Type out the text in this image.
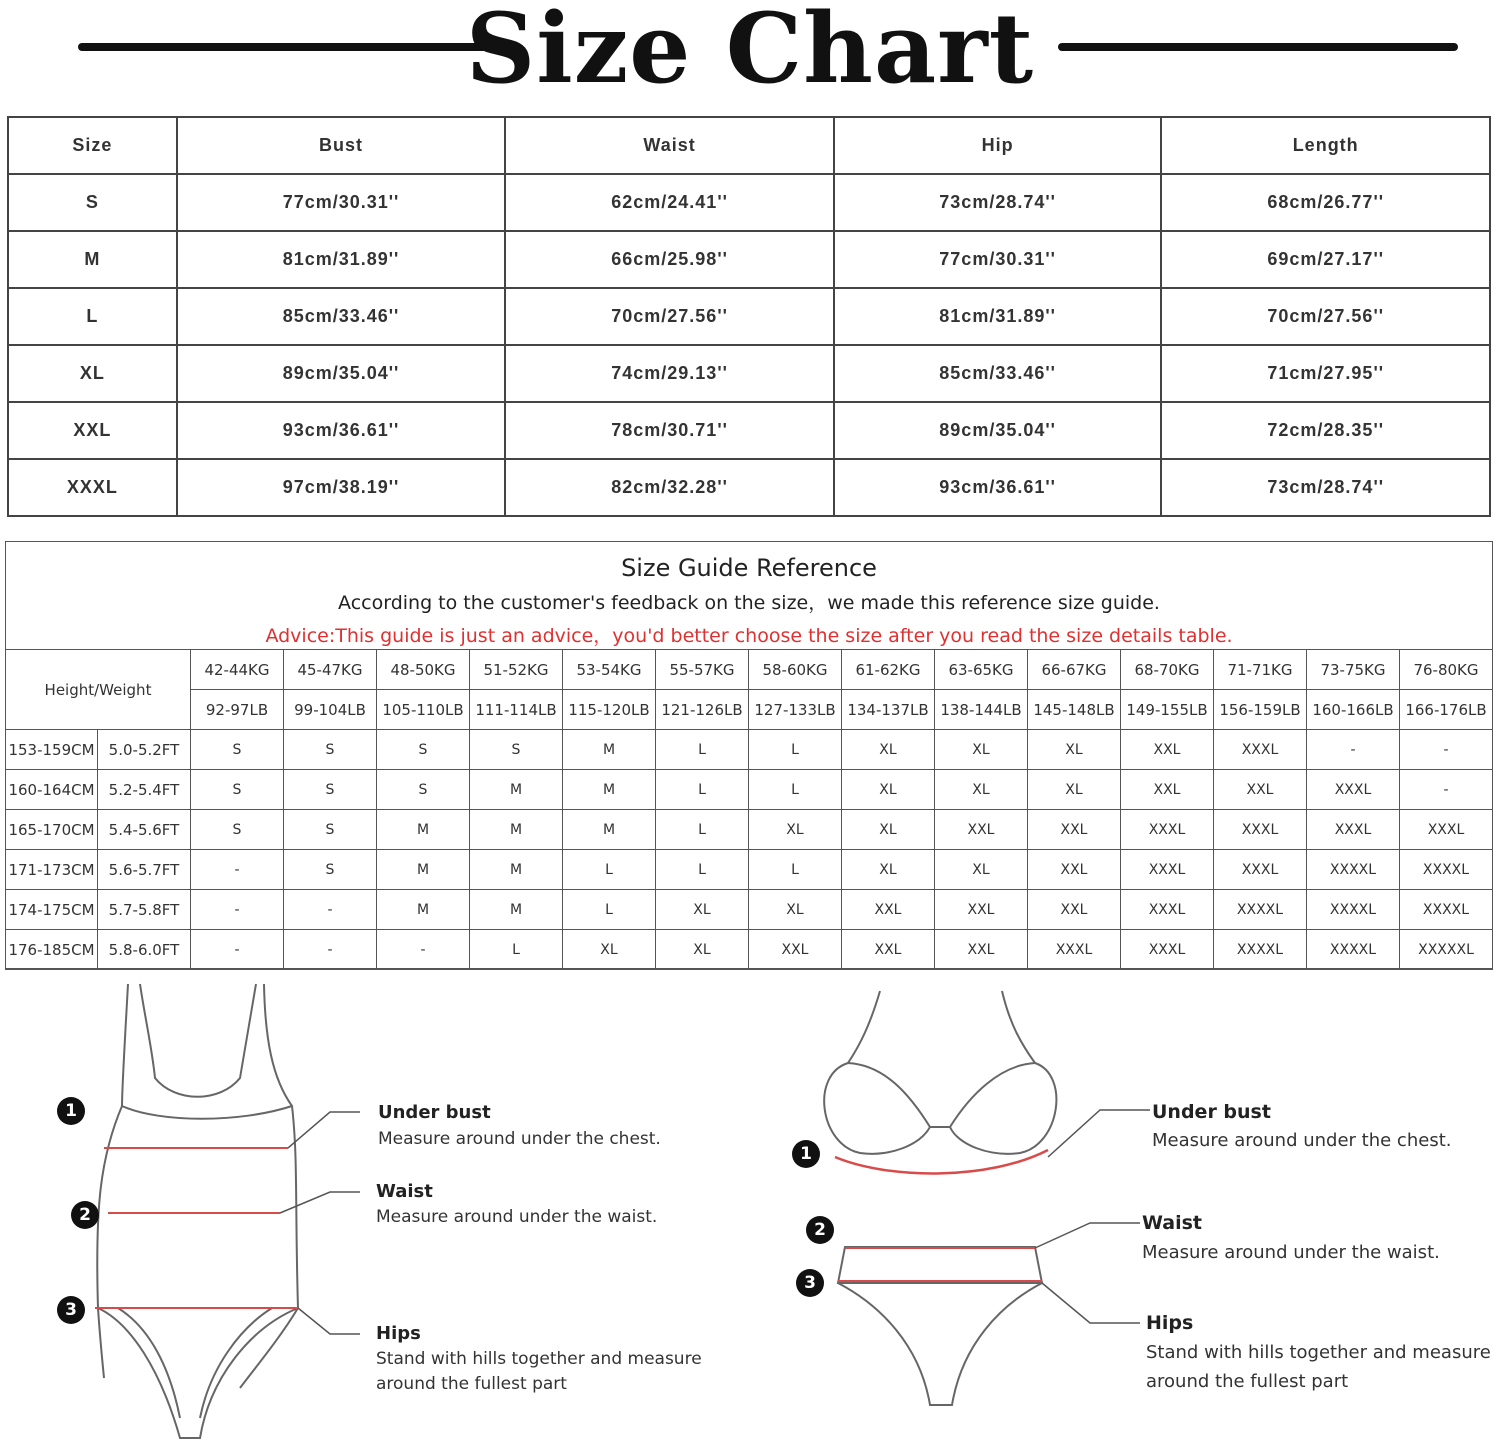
Size Chart
Size	Bust	Waist	Hip	Length
S	77cm/30.31''	62cm/24.41''	73cm/28.74''	68cm/26.77''
M	81cm/31.89''	66cm/25.98''	77cm/30.31''	69cm/27.17''
L	85cm/33.46''	70cm/27.56''	81cm/31.89''	70cm/27.56''
XL	89cm/35.04''	74cm/29.13''	85cm/33.46''	71cm/27.95''
XXL	93cm/36.61''	78cm/30.71''	89cm/35.04''	72cm/28.35''
XXXL	97cm/38.19''	82cm/32.28''	93cm/36.61''	73cm/28.74''
Size Guide Reference
According to the customer's feedback on the size，we made this reference size guide.
Advice:This guide is just an advice，you'd better choose the size after you read the size details table.
Height/Weight		42-44KG	45-47KG	48-50KG	51-52KG	53-54KG	55-57KG	58-60KG	61-62KG	63-65KG	66-67KG	68-70KG	71-71KG	73-75KG	76-80KG
		92-97LB	99-104LB	105-110LB	111-114LB	115-120LB	121-126LB	127-133LB	134-137LB	138-144LB	145-148LB	149-155LB	156-159LB	160-166LB	166-176LB
153-159CM	5.0-5.2FT	S	S	S	S	M	L	L	XL	XL	XL	XXL	XXXL	-	-
160-164CM	5.2-5.4FT	S	S	S	M	M	L	L	XL	XL	XL	XXL	XXL	XXXL	-
165-170CM	5.4-5.6FT	S	S	M	M	M	L	XL	XL	XXL	XXL	XXXL	XXXL	XXXL	XXXL
171-173CM	5.6-5.7FT	-	S	M	M	L	L	L	XL	XL	XXL	XXXL	XXXL	XXXXL	XXXXL
174-175CM	5.7-5.8FT	-	-	M	M	L	XL	XL	XXL	XXL	XXL	XXXL	XXXXL	XXXXL	XXXXL
176-185CM	5.8-6.0FT	-	-	-	L	XL	XL	XXL	XXL	XXL	XXXL	XXXL	XXXXL	XXXXL	XXXXXL
1
2
3
Under bust
Measure around under the chest.
Waist
Measure around under the waist.
Hips
Stand with hills together and measure
around the fullest part
1
2
3
Under bust
Measure around under the chest.
Waist
Measure around under the waist.
Hips
Stand with hills together and measure
around the fullest part
